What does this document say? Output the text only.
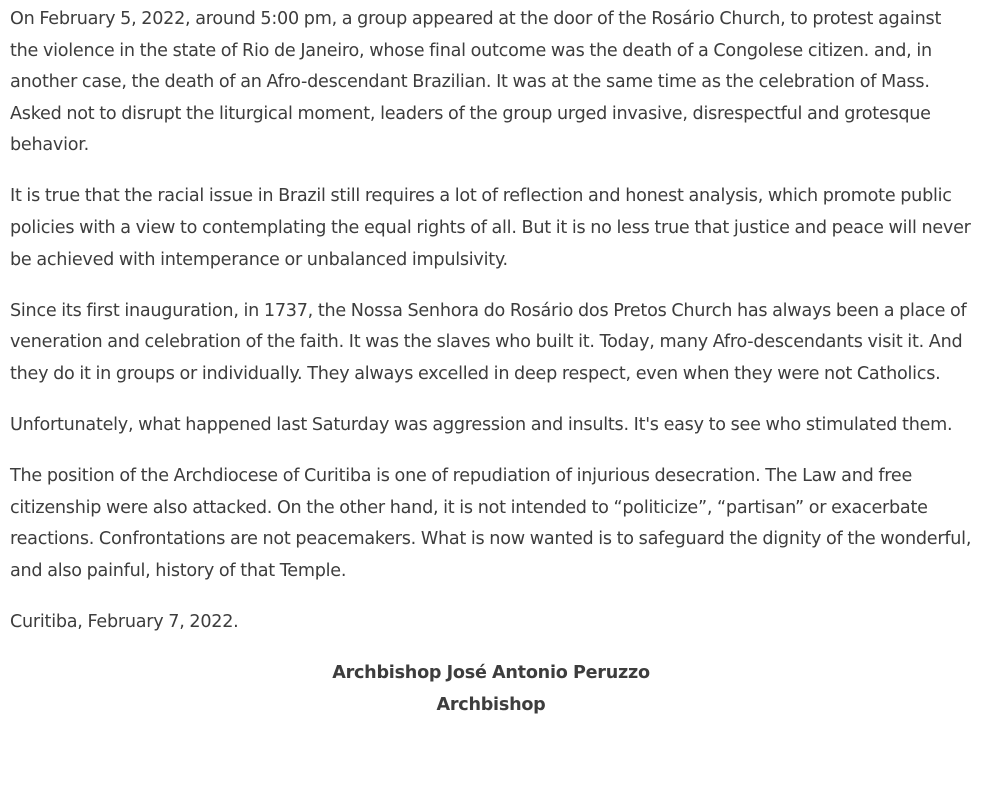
On February 5, 2022, around 5:00 pm, a group appeared at the door of the Rosário Church, to protest against the violence in the state of Rio de Janeiro, whose final outcome was the death of a Congolese citizen. and, in another case, the death of an Afro-descendant Brazilian. It was at the same time as the celebration of Mass. Asked not to disrupt the liturgical moment, leaders of the group urged invasive, disrespectful and grotesque behavior.

It is true that the racial issue in Brazil still requires a lot of reflection and honest analysis, which promote public policies with a view to contemplating the equal rights of all. But it is no less true that justice and peace will never be achieved with intemperance or unbalanced impulsivity.

Since its first inauguration, in 1737, the Nossa Senhora do Rosário dos Pretos Church has always been a place of veneration and celebration of the faith. It was the slaves who built it. Today, many Afro-descendants visit it. And they do it in groups or individually. They always excelled in deep respect, even when they were not Catholics.

Unfortunately, what happened last Saturday was aggression and insults. It's easy to see who stimulated them.

The position of the Archdiocese of Curitiba is one of repudiation of injurious desecration. The Law and free citizenship were also attacked. On the other hand, it is not intended to “politicize”, “partisan” or exacerbate reactions. Confrontations are not peacemakers. What is now wanted is to safeguard the dignity of the wonderful, and also painful, history of that Temple.

Curitiba, February 7, 2022.

Archbishop José Antonio Peruzzo
Archbishop
